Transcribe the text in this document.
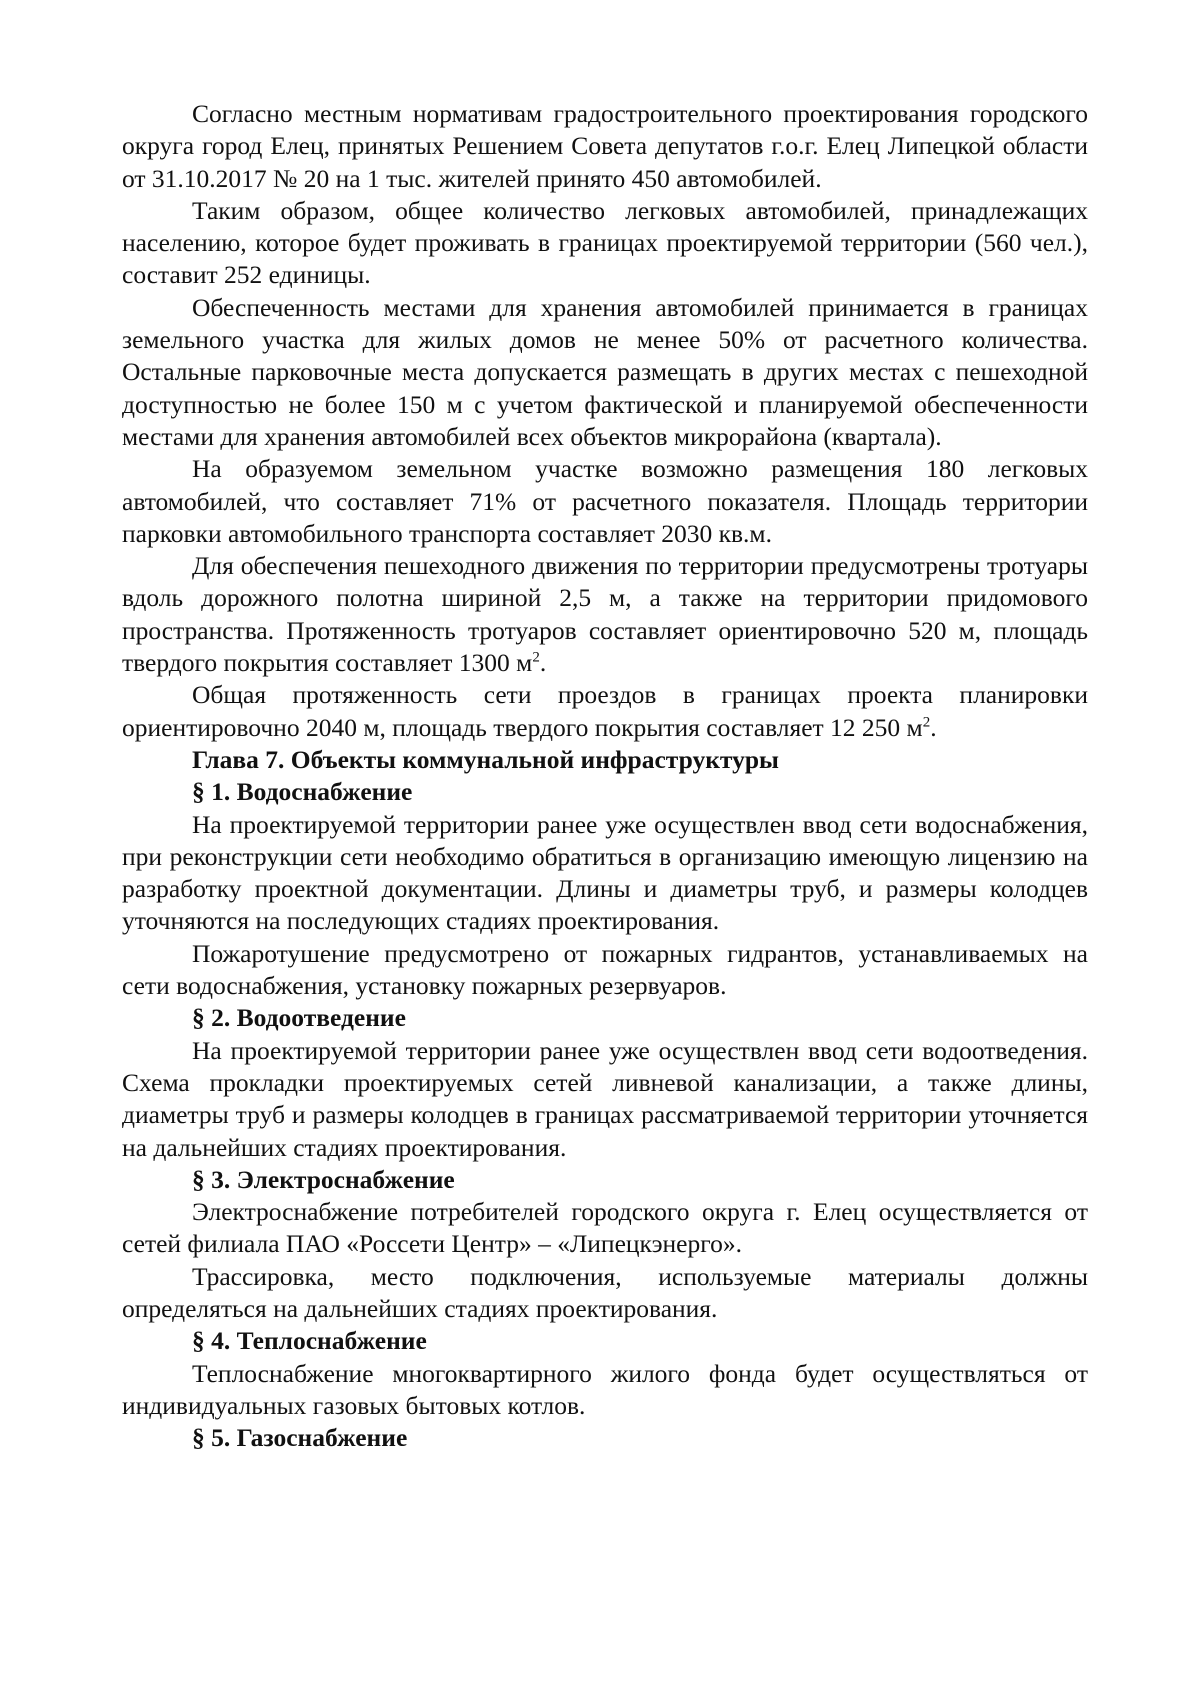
Согласно местным нормативам градостроительного проектирования городского округа город Елец, принятых Решением Совета депутатов г.о.г. Елец Липецкой области от 31.10.2017 № 20 на 1 тыс. жителей принято 450 автомобилей.

Таким образом, общее количество легковых автомобилей, принадлежащих населению, которое будет проживать в границах проектируемой территории (560 чел.), составит 252 единицы.

Обеспеченность местами для хранения автомобилей принимается в границах земельного участка для жилых домов не менее 50% от расчетного количества. Остальные парковочные места допускается размещать в других местах с пешеходной доступностью не более 150 м с учетом фактической и планируемой обеспеченности местами для хранения автомобилей всех объектов микрорайона (квартала).

На образуемом земельном участке возможно размещения 180 легковых автомобилей, что составляет 71% от расчетного показателя. Площадь территории парковки автомобильного транспорта составляет 2030 кв.м.

Для обеспечения пешеходного движения по территории предусмотрены тротуары вдоль дорожного полотна шириной 2,5 м, а также на территории придомового пространства. Протяженность тротуаров составляет ориентировочно 520 м, площадь твердого покрытия составляет 1300 $м^2$.

Общая протяженность сети проездов в границах проекта планировки ориентировочно 2040 м, площадь твердого покрытия составляет 12 250 $м^2$.

Глава 7. Объекты коммунальной инфраструктуры

§ 1. Водоснабжение

На проектируемой территории ранее уже осуществлен ввод сети водоснабжения, при реконструкции сети необходимо обратиться в организацию имеющую лицензию на разработку проектной документации. Длины и диаметры труб, и размеры колодцев уточняются на последующих стадиях проектирования.

Пожаротушение предусмотрено от пожарных гидрантов, устанавливаемых на сети водоснабжения, установку пожарных резервуаров.

§ 2. Водоотведение

На проектируемой территории ранее уже осуществлен ввод сети водоотведения. Схема прокладки проектируемых сетей ливневой канализации, а также длины, диаметры труб и размеры колодцев в границах рассматриваемой территории уточняется на дальнейших стадиях проектирования.

§ 3. Электроснабжение

Электроснабжение потребителей городского округа г. Елец осуществляется от сетей филиала ПАО «Россети Центр» – «Липецкэнерго».

Трассировка, место подключения, используемые материалы должны определяться на дальнейших стадиях проектирования.

§ 4. Теплоснабжение

Теплоснабжение многоквартирного жилого фонда будет осуществляться от индивидуальных газовых бытовых котлов.

§ 5. Газоснабжение
